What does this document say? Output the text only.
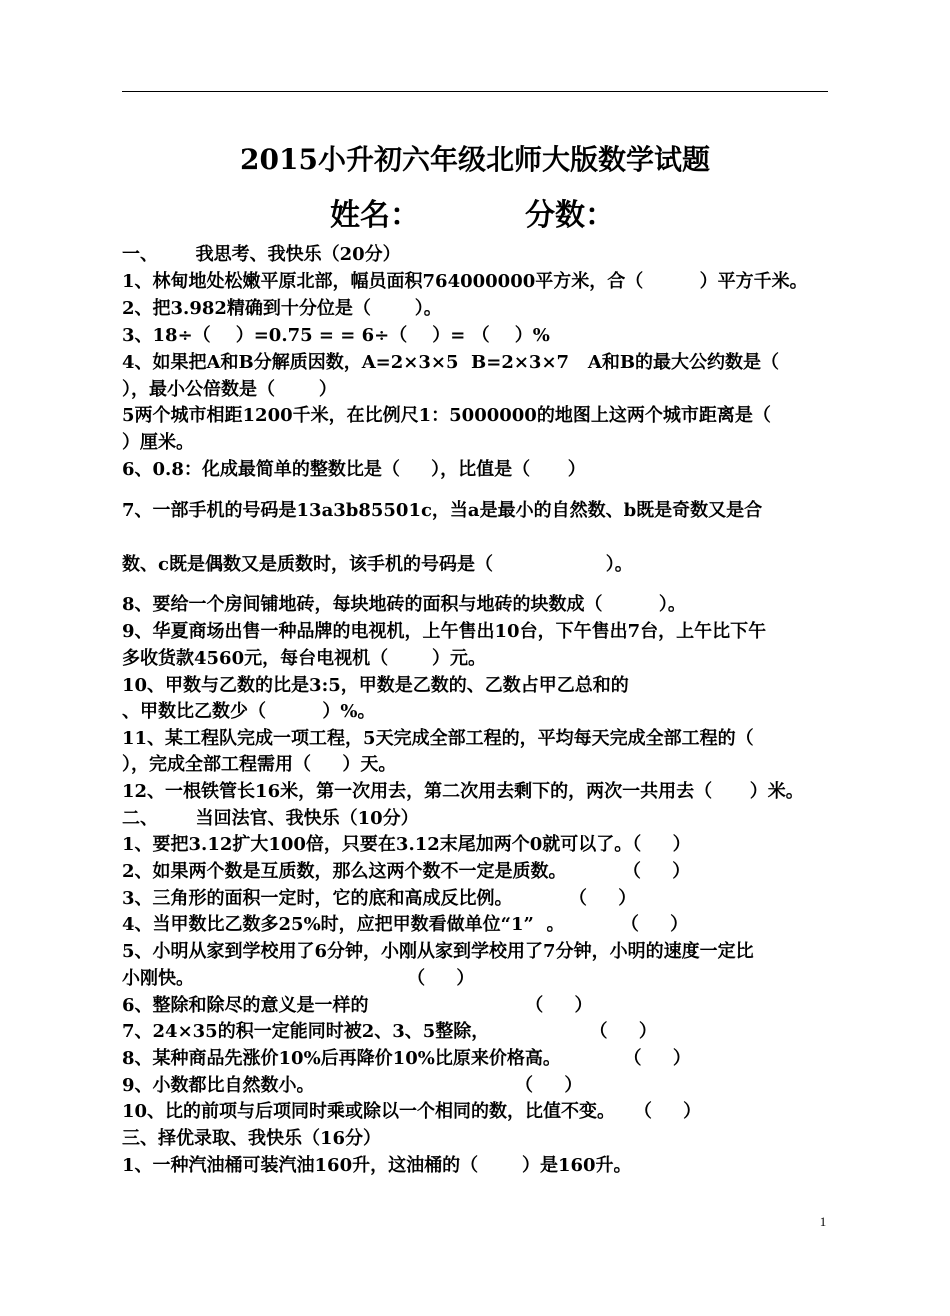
2015小升初六年级北师大版数学试题
姓名：	分数：
一、      我思考、我快乐（20分）
1、林甸地处松嫩平原北部，幅员面积764000000平方米，合（         ）平方千米。
2、把3.982精确到十分位是（       ）。
3、18÷（    ）=0.75 = = 6÷（    ）= （    ）%
4、如果把A和B分解质因数，A=2×3×5  B=2×3×7   A和B的最大公约数是（
），最小公倍数是（       ）
5两个城市相距1200千米，在比例尺1：5000000的地图上这两个城市距离是（
）厘米。
6、0.8：化成最简单的整数比是（     ），比值是（      ）
7、一部手机的号码是13a3b85501c，当a是最小的自然数、b既是奇数又是合
数、c既是偶数又是质数时，该手机的号码是（                  ）。
8、要给一个房间铺地砖，每块地砖的面积与地砖的块数成（         ）。
9、华夏商场出售一种品牌的电视机，上午售出10台，下午售出7台，上午比下午
多收货款4560元，每台电视机（       ）元。
10、甲数与乙数的比是3:5，甲数是乙数的、乙数占甲乙总和的
、甲数比乙数少（         ）%。
11、某工程队完成一项工程，5天完成全部工程的，平均每天完成全部工程的（
），完成全部工程需用（     ）天。
12、一根铁管长16米，第一次用去，第二次用去剩下的，两次一共用去（      ）米。
二、      当回法官、我快乐（10分）
1、要把3.12扩大100倍，只要在3.12末尾加两个0就可以了。（     ）
2、如果两个数是互质数，那么这两个数不一定是质数。         （     ）
3、三角形的面积一定时，它的底和高成反比例。         （     ）
4、当甲数比乙数多25%时，应把甲数看做单位“1”  。         （     ）
5、小明从家到学校用了6分钟，小刚从家到学校用了7分钟，小明的速度一定比
小刚快。                                  （     ）
6、整除和除尽的意义是一样的                         （     ）
7、24×35的积一定能同时被2、3、5整除，                （     ）
8、某种商品先涨价10%后再降价10%比原来价格高。          （     ）
9、小数都比自然数小。                                （     ）
10、比的前项与后项同时乘或除以一个相同的数，比值不变。   （     ）
三、择优录取、我快乐（16分）
1、一种汽油桶可装汽油160升，这油桶的（       ）是160升。
1
